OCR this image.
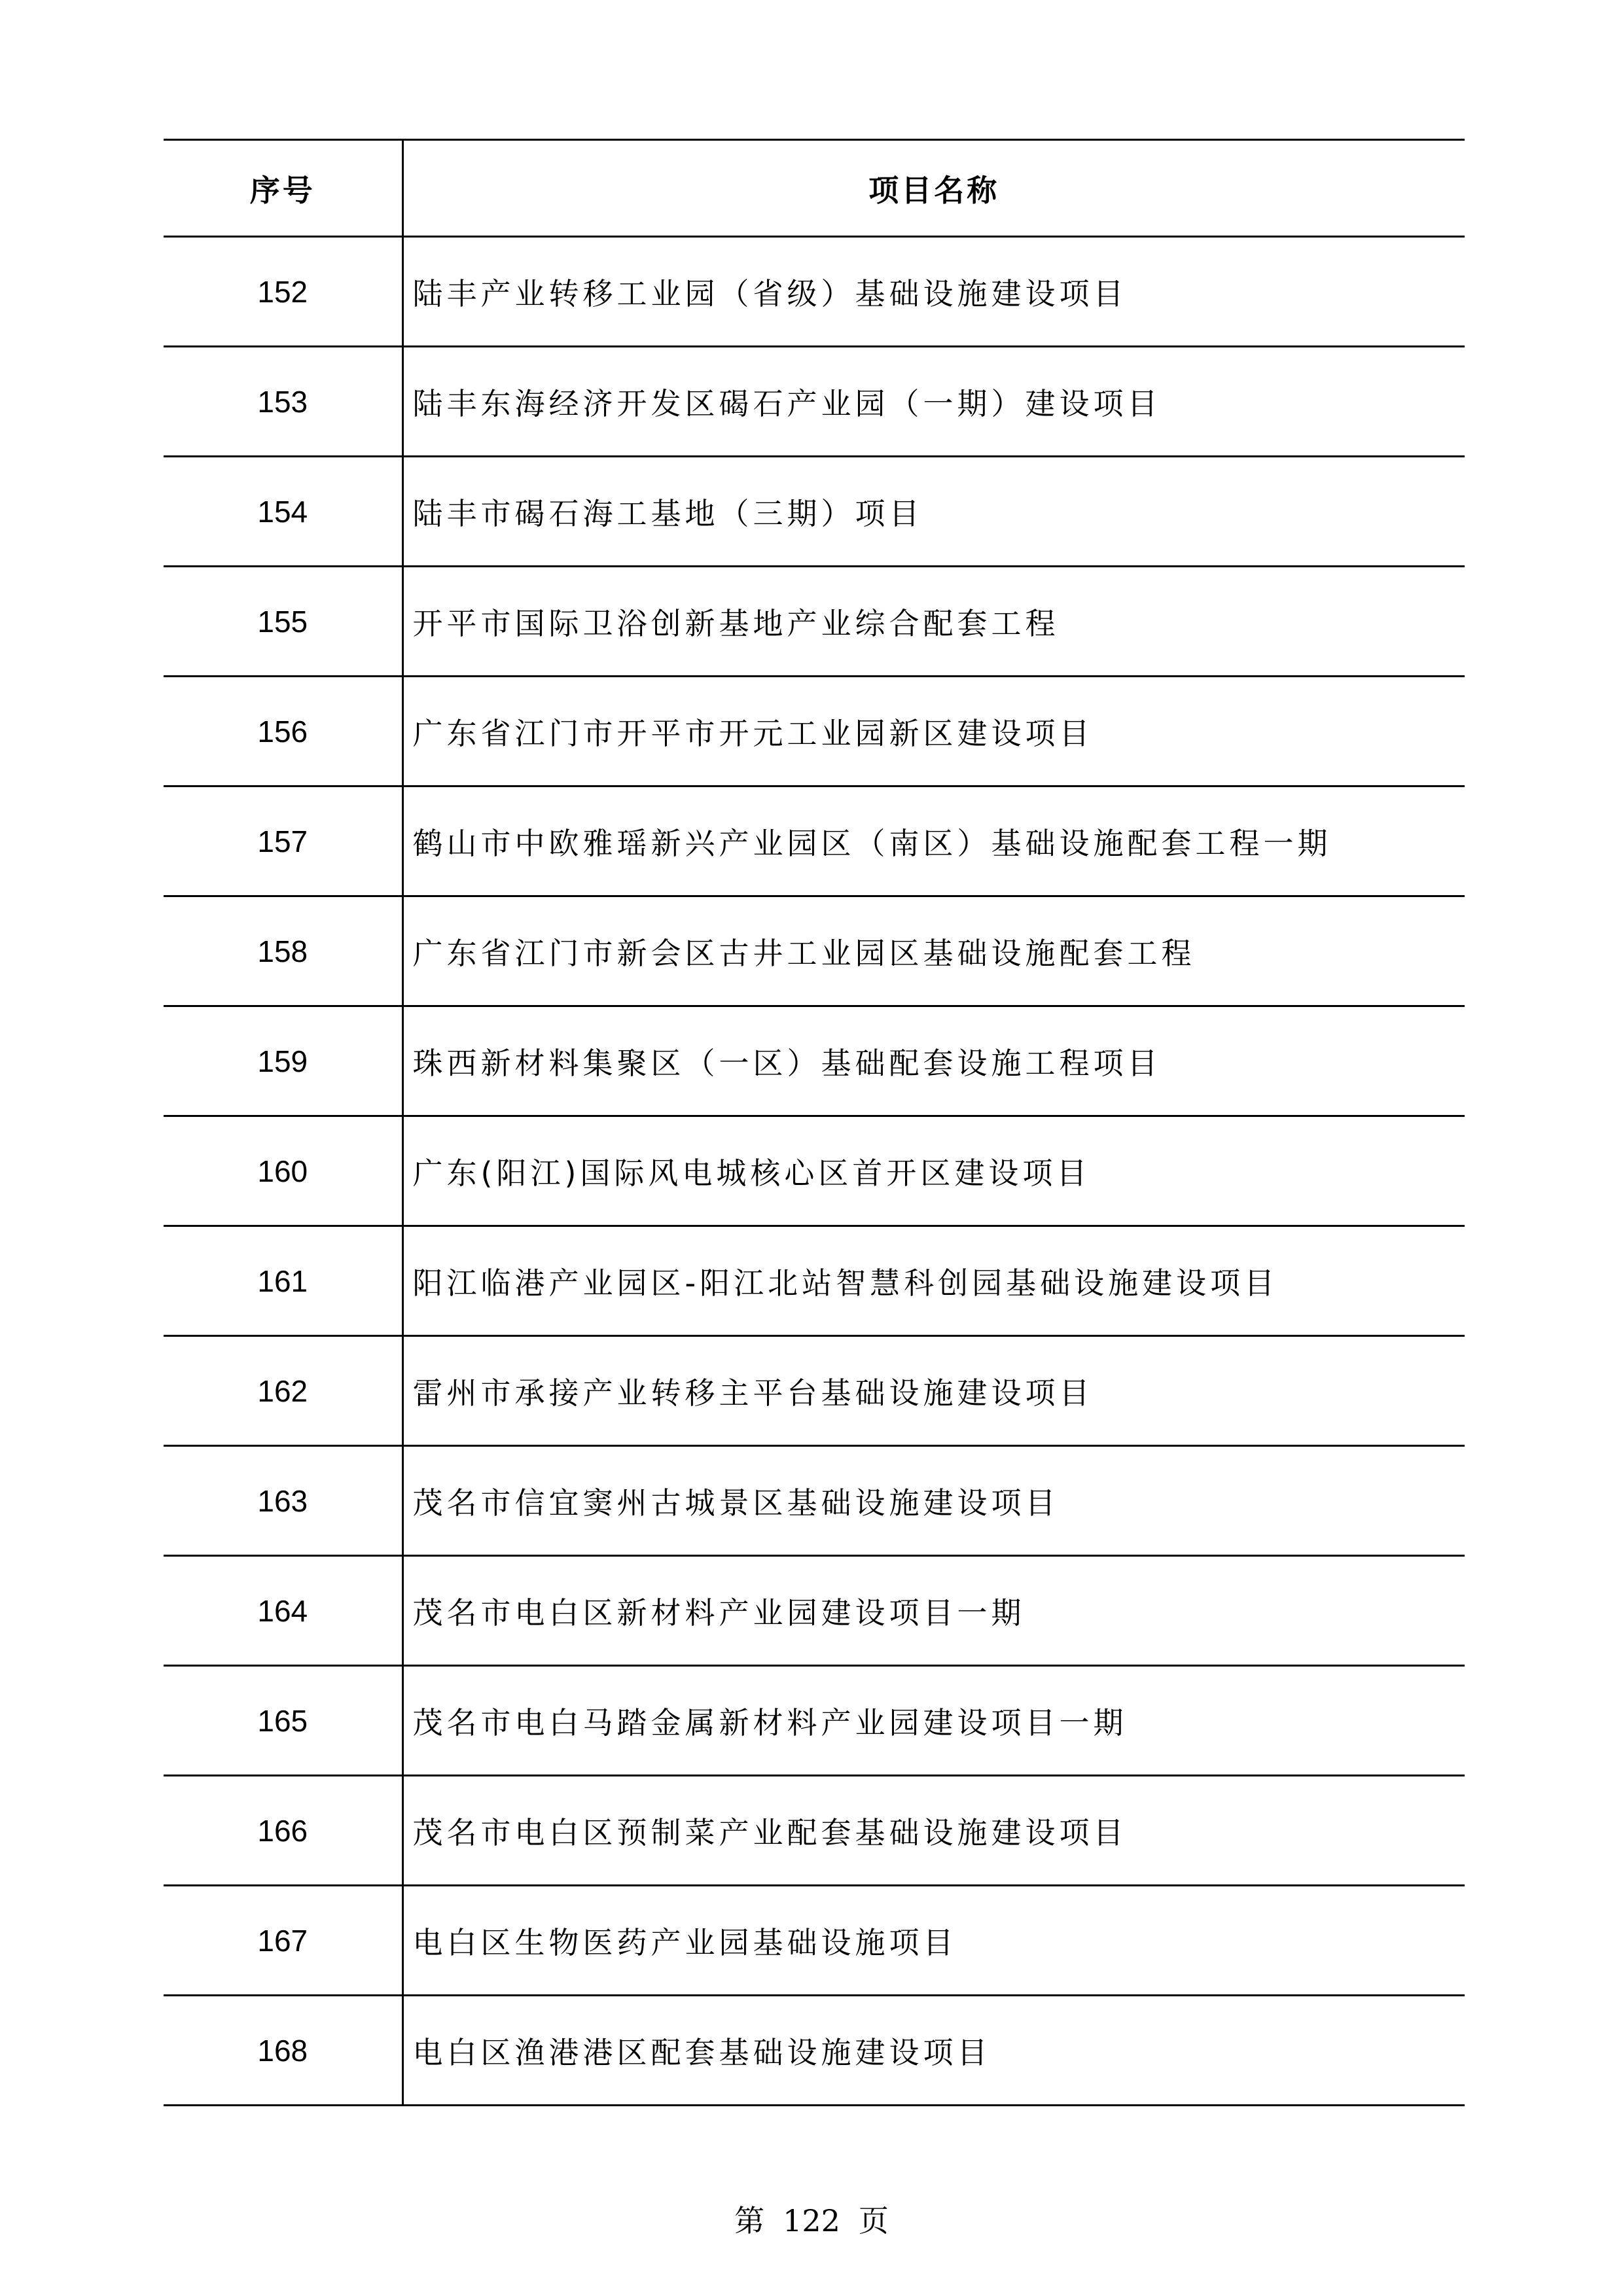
序号	项目名称
152	陆丰产业转移工业园（省级）基础设施建设项目
153	陆丰东海经济开发区碣石产业园（一期）建设项目
154	陆丰市碣石海工基地（三期）项目
155	开平市国际卫浴创新基地产业综合配套工程
156	广东省江门市开平市开元工业园新区建设项目
157	鹤山市中欧雅瑶新兴产业园区（南区）基础设施配套工程一期
158	广东省江门市新会区古井工业园区基础设施配套工程
159	珠西新材料集聚区（一区）基础配套设施工程项目
160	广东(阳江)国际风电城核心区首开区建设项目
161	阳江临港产业园区-阳江北站智慧科创园基础设施建设项目
162	雷州市承接产业转移主平台基础设施建设项目
163	茂名市信宜窦州古城景区基础设施建设项目
164	茂名市电白区新材料产业园建设项目一期
165	茂名市电白马踏金属新材料产业园建设项目一期
166	茂名市电白区预制菜产业配套基础设施建设项目
167	电白区生物医药产业园基础设施项目
168	电白区渔港港区配套基础设施建设项目
第 122 页
